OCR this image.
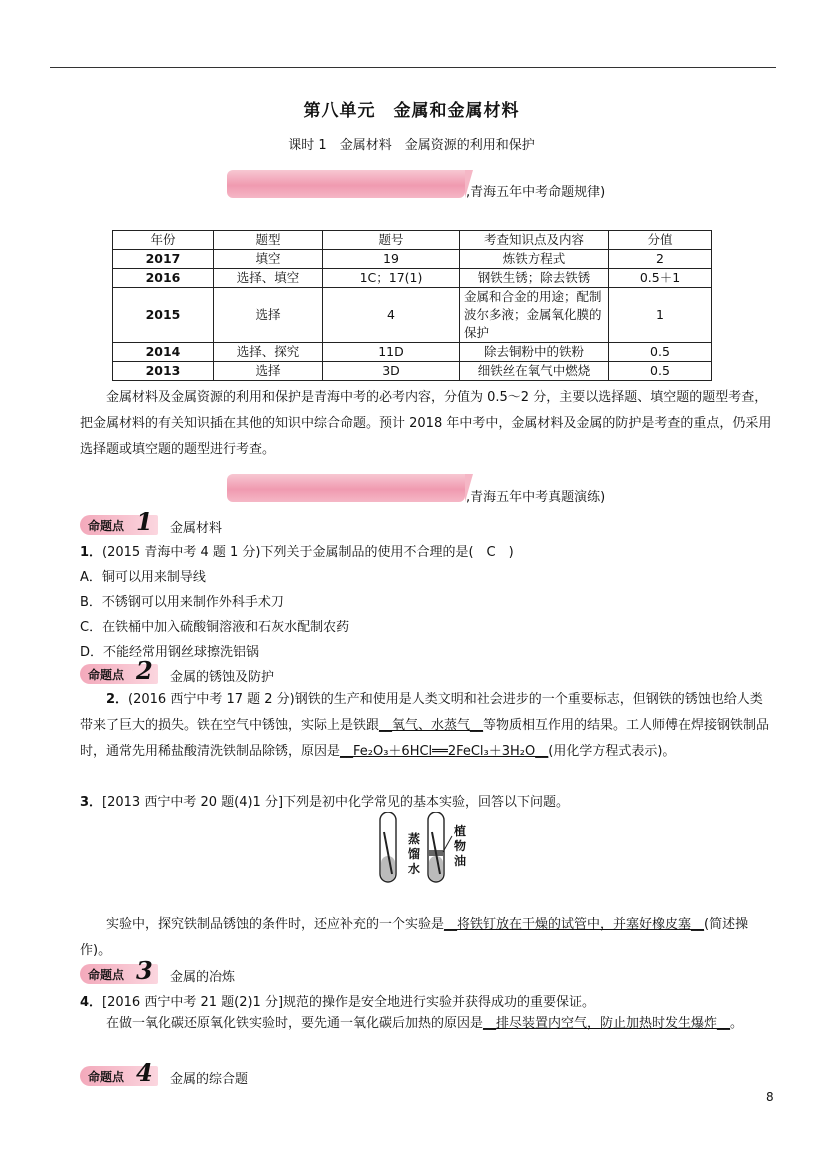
第八单元　金属和金属材料
课时 1　金属材料　金属资源的利用和保护
,青海五年中考命题规律)
年份	题型	题号	考查知识点及内容	分值
2017	填空	19	炼铁方程式	2
2016	选择、填空	1C；17(1)	钢铁生锈；除去铁锈	0.5＋1
2015	选择	4	金属和合金的用途；配制波尔多液；金属氧化膜的保护	1
2014	选择、探究	11D	除去铜粉中的铁粉	0.5
2013	选择	3D	细铁丝在氧气中燃烧	0.5
金属材料及金属资源的利用和保护是青海中考的必考内容，分值为 0.5～2 分，主要以选择题、填空题的题型考查，把金属材料的有关知识插在其他的知识中综合命题。预计 2018 年中考中，金属材料及金属的防护是考查的重点，仍采用选择题或填空题的题型进行考查。
,青海五年中考真题演练)
命题点 1 金属材料
1．(2015 青海中考 4 题 1 分)下列关于金属制品的使用不合理的是(　C　)
A．铜可以用来制导线
B．不锈钢可以用来制作外科手术刀
C．在铁桶中加入硫酸铜溶液和石灰水配制农药
D．不能经常用钢丝球擦洗铝锅
命题点 2 金属的锈蚀及防护
2．(2016 西宁中考 17 题 2 分)钢铁的生产和使用是人类文明和社会进步的一个重要标志，但钢铁的锈蚀也给人类带来了巨大的损失。铁在空气中锈蚀，实际上是铁跟__氧气、水蒸气__等物质相互作用的结果。工人师傅在焊接钢铁制品时，通常先用稀盐酸清洗铁制品除锈，原因是__Fe₂O₃＋6HCl══2FeCl₃＋3H₂O__(用化学方程式表示)。
3．[2013 西宁中考 20 题(4)1 分]下列是初中化学常见的基本实验，回答以下问题。
蒸馏水
植物油
实验中，探究铁制品锈蚀的条件时，还应补充的一个实验是__将铁钉放在干燥的试管中，并塞好橡皮塞__(简述操作)。
命题点 3 金属的冶炼
4．[2016 西宁中考 21 题(2)1 分]规范的操作是安全地进行实验并获得成功的重要保证。
在做一氧化碳还原氧化铁实验时，要先通一氧化碳后加热的原因是__排尽装置内空气，防止加热时发生爆炸__。
命题点 4 金属的综合题
8
